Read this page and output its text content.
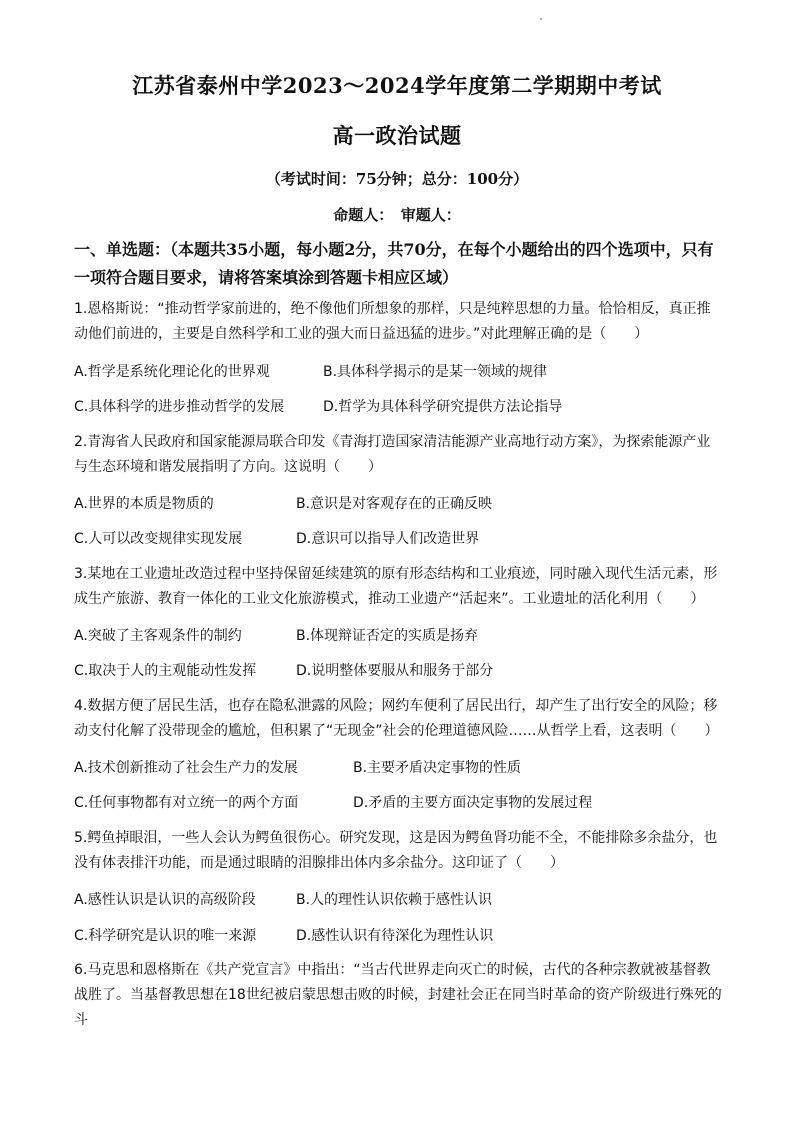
江苏省泰州中学2023～2024学年度第二学期期中考试
高一政治试题
（考试时间：75分钟；总分：100分）
命题人：　审题人：
一、单选题：（本题共35小题，每小题2分，共70分，在每个小题给出的四个选项中，只有一项符合题目要求，请将答案填涂到答题卡相应区域）
1.恩格斯说：“推动哲学家前进的，绝不像他们所想象的那样，只是纯粹思想的力量。恰恰相反，真正推动他们前进的，主要是自然科学和工业的强大而日益迅猛的进步。”对此理解正确的是（　　）
A.哲学是系统化理论化的世界观	B.具体科学揭示的是某一领域的规律
C.具体科学的进步推动哲学的发展	D.哲学为具体科学研究提供方法论指导
2.青海省人民政府和国家能源局联合印发《青海打造国家清洁能源产业高地行动方案》，为探索能源产业与生态环境和谐发展指明了方向。这说明（　　）
A.世界的本质是物质的	B.意识是对客观存在的正确反映
C.人可以改变规律实现发展	D.意识可以指导人们改造世界
3.某地在工业遗址改造过程中坚持保留延续建筑的原有形态结构和工业痕迹，同时融入现代生活元素，形成生产旅游、教育一体化的工业文化旅游模式，推动工业遗产“活起来”。工业遗址的活化利用（　　）
A.突破了主客观条件的制约	B.体现辩证否定的实质是扬弃
C.取决于人的主观能动性发挥	D.说明整体要服从和服务于部分
4.数据方便了居民生活，也存在隐私泄露的风险；网约车便利了居民出行，却产生了出行安全的风险；移动支付化解了没带现金的尴尬，但积累了“无现金”社会的伦理道德风险……从哲学上看，这表明（　　）
A.技术创新推动了社会生产力的发展	B.主要矛盾决定事物的性质
C.任何事物都有对立统一的两个方面	D.矛盾的主要方面决定事物的发展过程
5.鳄鱼掉眼泪，一些人会认为鳄鱼很伤心。研究发现，这是因为鳄鱼肾功能不全，不能排除多余盐分，也没有体表排汗功能，而是通过眼睛的泪腺排出体内多余盐分。这印证了（　　）
A.感性认识是认识的高级阶段	B.人的理性认识依赖于感性认识
C.科学研究是认识的唯一来源	D.感性认识有待深化为理性认识
6.马克思和恩格斯在《共产党宣言》中指出：“当古代世界走向灭亡的时候，古代的各种宗教就被基督教战胜了。当基督教思想在18世纪被启蒙思想击败的时候，封建社会正在同当时革命的资产阶级进行殊死的斗
